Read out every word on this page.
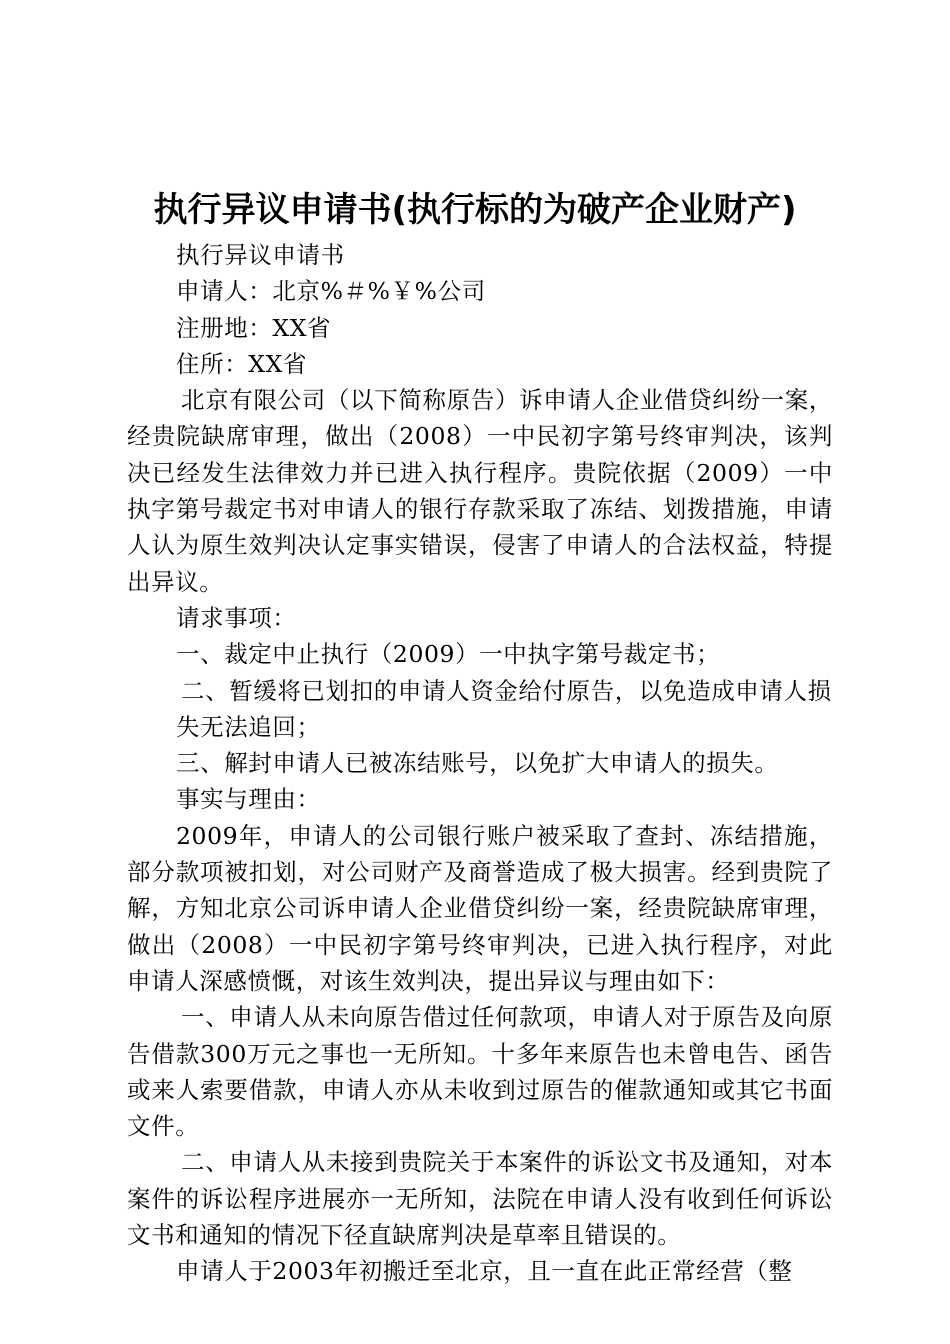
执行异议申请书(执行标的为破产企业财产)

执行异议申请书

申请人：北京%＃%￥%公司

注册地：XX省

住所：XX省

北京有限公司（以下简称原告）诉申请人企业借贷纠纷一案，经贵院缺席审理，做出（2008）一中民初字第号终审判决，该判决已经发生法律效力并已进入执行程序。贵院依据（2009）一中执字第号裁定书对申请人的银行存款采取了冻结、划拨措施，申请人认为原生效判决认定事实错误，侵害了申请人的合法权益，特提出异议。

请求事项：

一、裁定中止执行（2009）一中执字第号裁定书；

二、暂缓将已划扣的申请人资金给付原告，以免造成申请人损

失无法追回；

三、解封申请人已被冻结账号，以免扩大申请人的损失。

事实与理由：

2009年，申请人的公司银行账户被采取了查封、冻结措施，部分款项被扣划，对公司财产及商誉造成了极大损害。经到贵院了解，方知北京公司诉申请人企业借贷纠纷一案，经贵院缺席审理，做出（2008）一中民初字第号终审判决，已进入执行程序，对此申请人深感愤慨，对该生效判决，提出异议与理由如下：

一、申请人从未向原告借过任何款项，申请人对于原告及向原告借款300万元之事也一无所知。十多年来原告也未曾电告、函告或来人索要借款，申请人亦从未收到过原告的催款通知或其它书面文件。

二、申请人从未接到贵院关于本案件的诉讼文书及通知，对本案件的诉讼程序进展亦一无所知，法院在申请人没有收到任何诉讼文书和通知的情况下径直缺席判决是草率且错误的。

申请人于2003年初搬迁至北京，且一直在此正常经营（整
